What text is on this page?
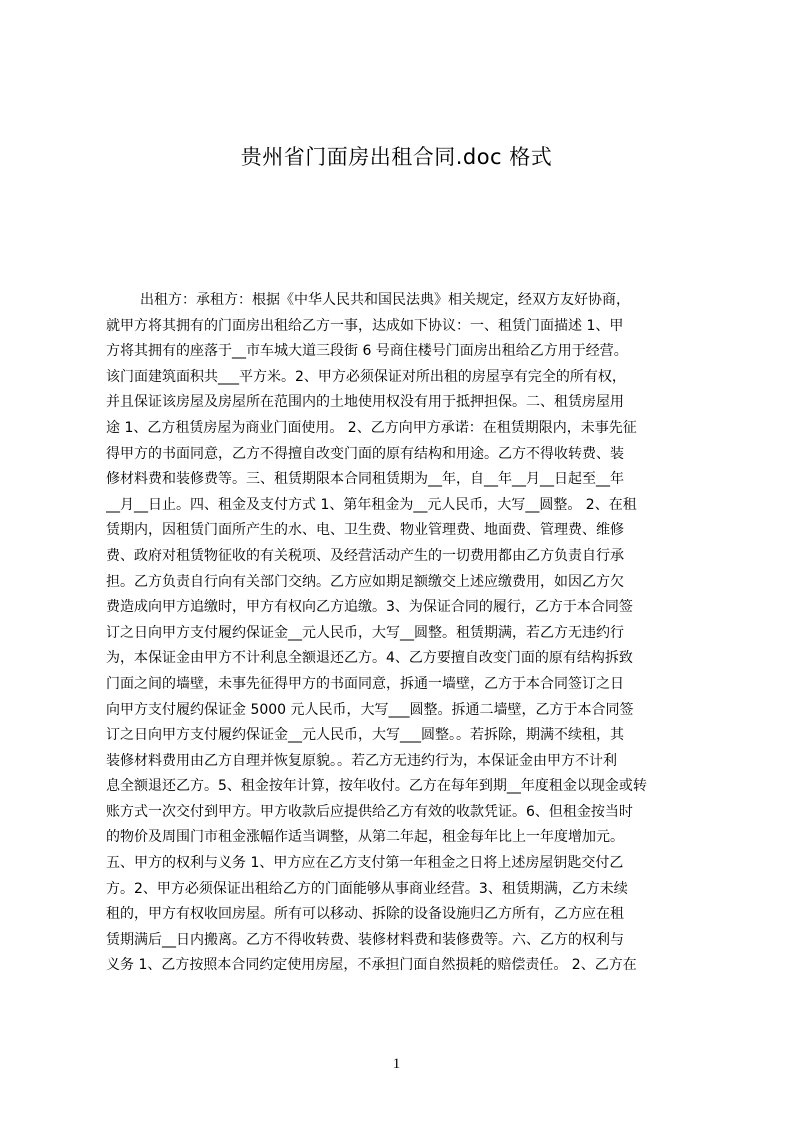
贵州省门面房出租合同.doc 格式
出租方：承租方：根据《中华人民共和国民法典》相关规定，经双方友好协商，
就甲方将其拥有的门面房出租给乙方一事，达成如下协议：一、租赁门面描述 1、甲
方将其拥有的座落于__市车城大道三段街 6 号商住楼号门面房出租给乙方用于经营。
该门面建筑面积共___平方米。2、甲方必须保证对所出租的房屋享有完全的所有权，
并且保证该房屋及房屋所在范围内的土地使用权没有用于抵押担保。二、租赁房屋用
途 1、乙方租赁房屋为商业门面使用。 2、乙方向甲方承诺：在租赁期限内，未事先征
得甲方的书面同意，乙方不得擅自改变门面的原有结构和用途。乙方不得收转费、装
修材料费和装修费等。三、租赁期限本合同租赁期为__年，自__年__月__日起至__年
__月__日止。四、租金及支付方式 1、第年租金为__元人民币，大写__圆整。 2、在租
赁期内，因租赁门面所产生的水、电、卫生费、物业管理费、地面费、管理费、维修
费、政府对租赁物征收的有关税项、及经营活动产生的一切费用都由乙方负责自行承
担。乙方负责自行向有关部门交纳。乙方应如期足额缴交上述应缴费用，如因乙方欠
费造成向甲方追缴时，甲方有权向乙方追缴。3、为保证合同的履行，乙方于本合同签
订之日向甲方支付履约保证金__元人民币，大写__圆整。租赁期满，若乙方无违约行
为，本保证金由甲方不计利息全额退还乙方。4、乙方要擅自改变门面的原有结构拆致
门面之间的墙壁，未事先征得甲方的书面同意，拆通一墙壁，乙方于本合同签订之日
向甲方支付履约保证金 5000 元人民币，大写___圆整。拆通二墙壁，乙方于本合同签
订之日向甲方支付履约保证金__元人民币，大写___圆整。。若拆除，期满不续租，其
装修材料费用由乙方自理并恢复原貌。。若乙方无违约行为，本保证金由甲方不计利
息全额退还乙方。5、租金按年计算，按年收付。乙方在每年到期__年度租金以现金或转
账方式一次交付到甲方。甲方收款后应提供给乙方有效的收款凭证。6、但租金按当时
的物价及周围门市租金涨幅作适当调整，从第二年起，租金每年比上一年度增加元。
五、甲方的权利与义务 1、甲方应在乙方支付第一年租金之日将上述房屋钥匙交付乙
方。2、甲方必须保证出租给乙方的门面能够从事商业经营。3、租赁期满，乙方未续
租的，甲方有权收回房屋。所有可以移动、拆除的设备设施归乙方所有，乙方应在租
赁期满后__日内搬离。乙方不得收转费、装修材料费和装修费等。六、乙方的权利与
义务 1、乙方按照本合同约定使用房屋，不承担门面自然损耗的赔偿责任。 2、乙方在
1
